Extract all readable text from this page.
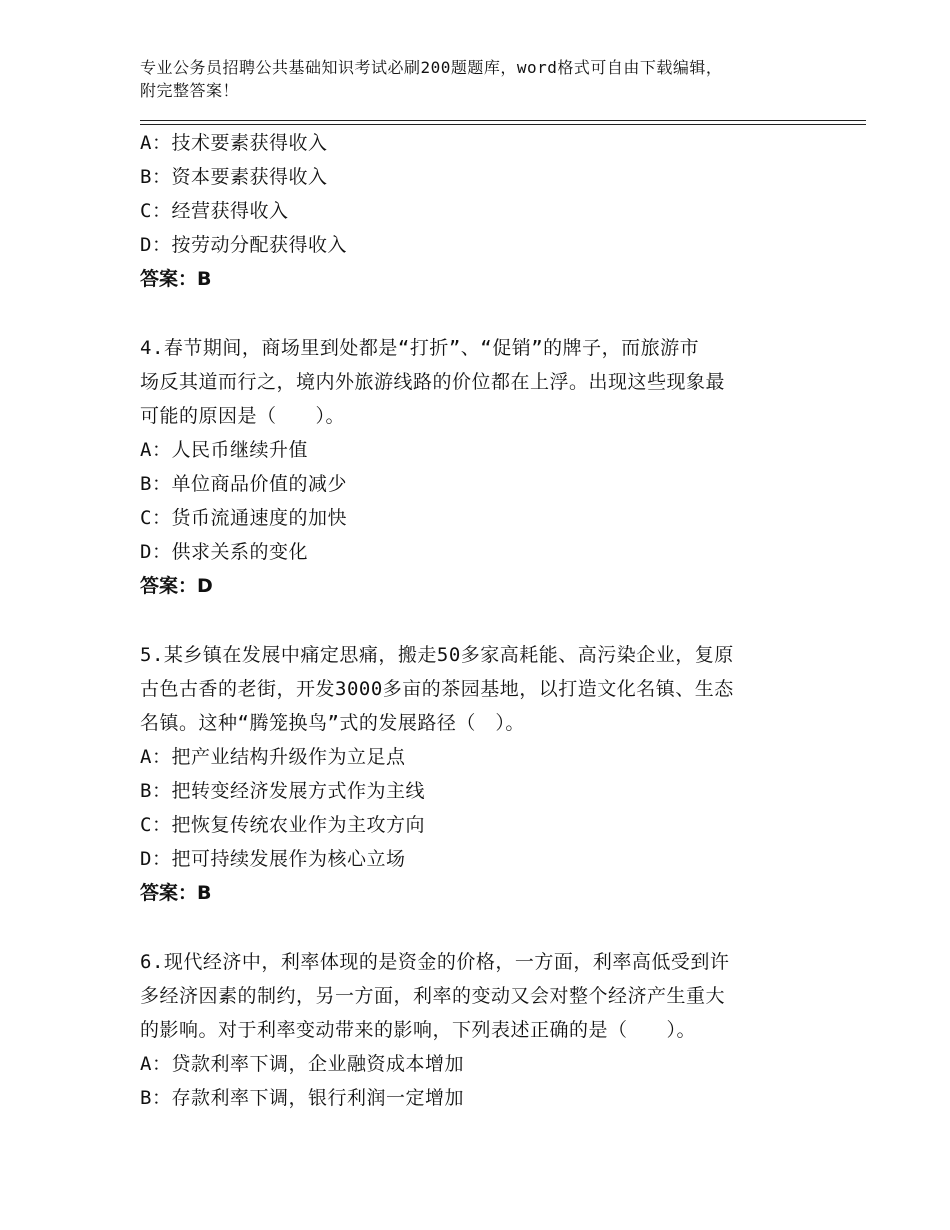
专业公务员招聘公共基础知识考试必刷200题题库，word格式可自由下载编辑，
附完整答案！
A：技术要素获得收入
B：资本要素获得收入
C：经营获得收入
D：按劳动分配获得收入
答案：B
4.春节期间，商场里到处都是“打折”、“促销”的牌子，而旅游市
场反其道而行之，境内外旅游线路的价位都在上浮。出现这些现象最
可能的原因是（　　）。
A：人民币继续升值
B：单位商品价值的减少
C：货币流通速度的加快
D：供求关系的变化
答案：D
5.某乡镇在发展中痛定思痛，搬走50多家高耗能、高污染企业，复原
古色古香的老街，开发3000多亩的茶园基地，以打造文化名镇、生态
名镇。这种“腾笼换鸟”式的发展路径（　）。
A：把产业结构升级作为立足点
B：把转变经济发展方式作为主线
C：把恢复传统农业作为主攻方向
D：把可持续发展作为核心立场
答案：B
6.现代经济中，利率体现的是资金的价格，一方面，利率高低受到许
多经济因素的制约，另一方面，利率的变动又会对整个经济产生重大
的影响。对于利率变动带来的影响，下列表述正确的是（　　）。
A：贷款利率下调，企业融资成本增加
B：存款利率下调，银行利润一定增加
